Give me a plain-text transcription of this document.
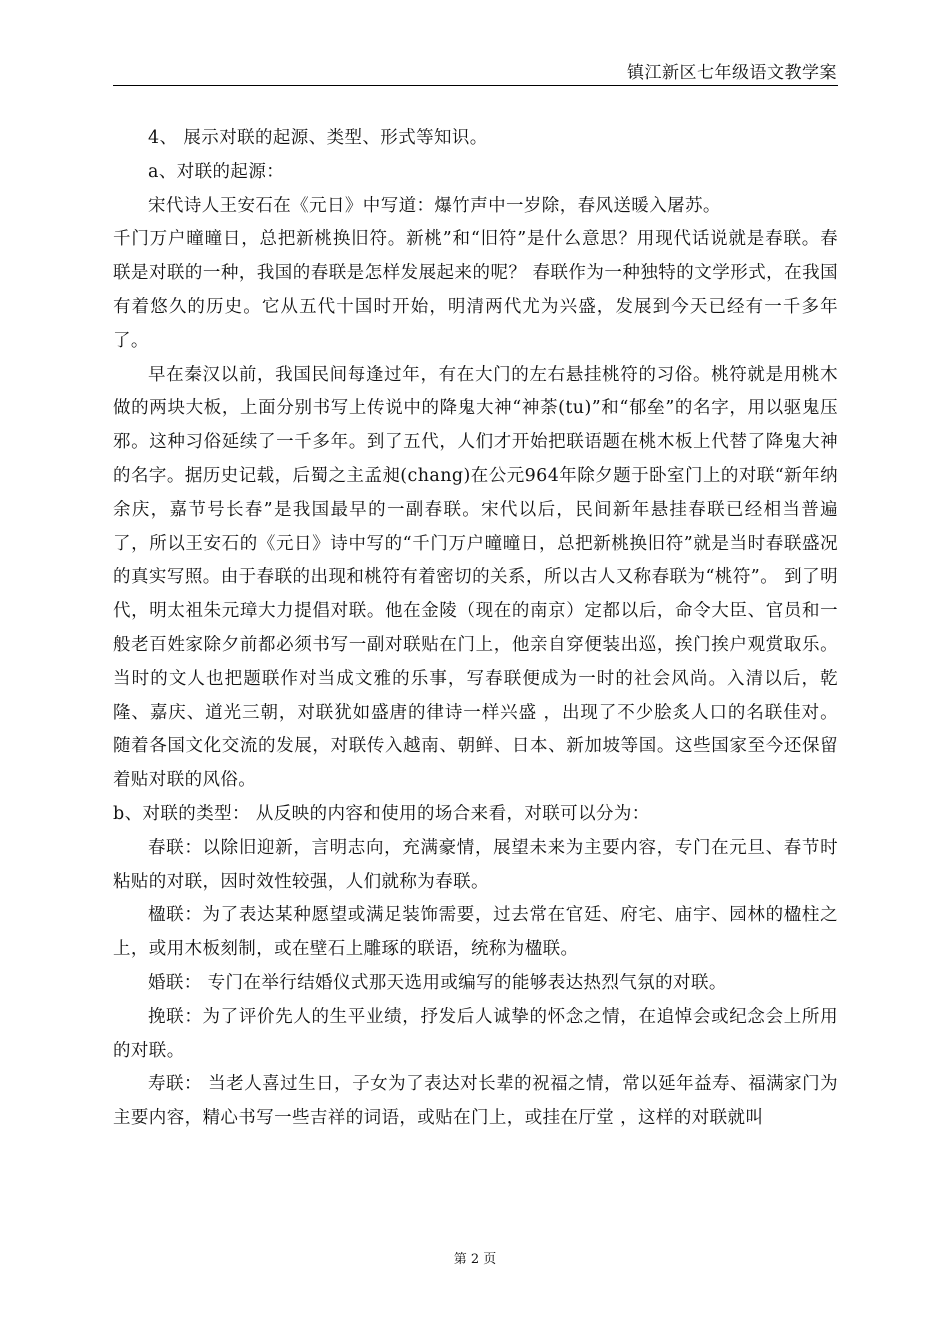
镇江新区七年级语文教学案

4、 展示对联的起源、类型、形式等知识。

a、对联的起源：

宋代诗人王安石在《元日》中写道：爆竹声中一岁除，春风送暖入屠苏。

千门万户曈曈日，总把新桃换旧符。新桃”和“旧符”是什么意思？用现代话说就是春联。春联是对联的一种，我国的春联是怎样发展起来的呢？ 春联作为一种独特的文学形式，在我国有着悠久的历史。它从五代十国时开始，明清两代尤为兴盛，发展到今天已经有一千多年了。

早在秦汉以前，我国民间每逢过年，有在大门的左右悬挂桃符的习俗。桃符就是用桃木做的两块大板，上面分别书写上传说中的降鬼大神“神荼(tu)”和“郁垒”的名字，用以驱鬼压邪。这种习俗延续了一千多年。到了五代，人们才开始把联语题在桃木板上代替了降鬼大神的名字。据历史记载，后蜀之主孟昶(chang)在公元964年除夕题于卧室门上的对联“新年纳余庆，嘉节号长春”是我国最早的一副春联。宋代以后，民间新年悬挂春联已经相当普遍了，所以王安石的《元日》诗中写的“千门万户曈曈日，总把新桃换旧符”就是当时春联盛况的真实写照。由于春联的出现和桃符有着密切的关系，所以古人又称春联为“桃符”。 到了明代，明太祖朱元璋大力提倡对联。他在金陵（现在的南京）定都以后，命令大臣、官员和一般老百姓家除夕前都必须书写一副对联贴在门上，他亲自穿便装出巡，挨门挨户观赏取乐。当时的文人也把题联作对当成文雅的乐事，写春联便成为一时的社会风尚。入清以后，乾隆、嘉庆、道光三朝，对联犹如盛唐的律诗一样兴盛 ，出现了不少脍炙人口的名联佳对。 随着各国文化交流的发展，对联传入越南、朝鲜、日本、新加坡等国。这些国家至今还保留着贴对联的风俗。

b、对联的类型： 从反映的内容和使用的场合来看，对联可以分为：

春联：以除旧迎新，言明志向，充满豪情，展望未来为主要内容，专门在元旦、春节时粘贴的对联，因时效性较强，人们就称为春联。

楹联：为了表达某种愿望或满足装饰需要，过去常在官廷、府宅、庙宇、园林的楹柱之上，或用木板刻制，或在壁石上雕琢的联语，统称为楹联。

婚联： 专门在举行结婚仪式那天选用或编写的能够表达热烈气氛的对联。

挽联：为了评价先人的生平业绩，抒发后人诚挚的怀念之情，在追悼会或纪念会上所用的对联。

寿联： 当老人喜过生日，子女为了表达对长辈的祝福之情，常以延年益寿、福满家门为主要内容，精心书写一些吉祥的词语，或贴在门上，或挂在厅堂 ，这样的对联就叫

第 2 页
